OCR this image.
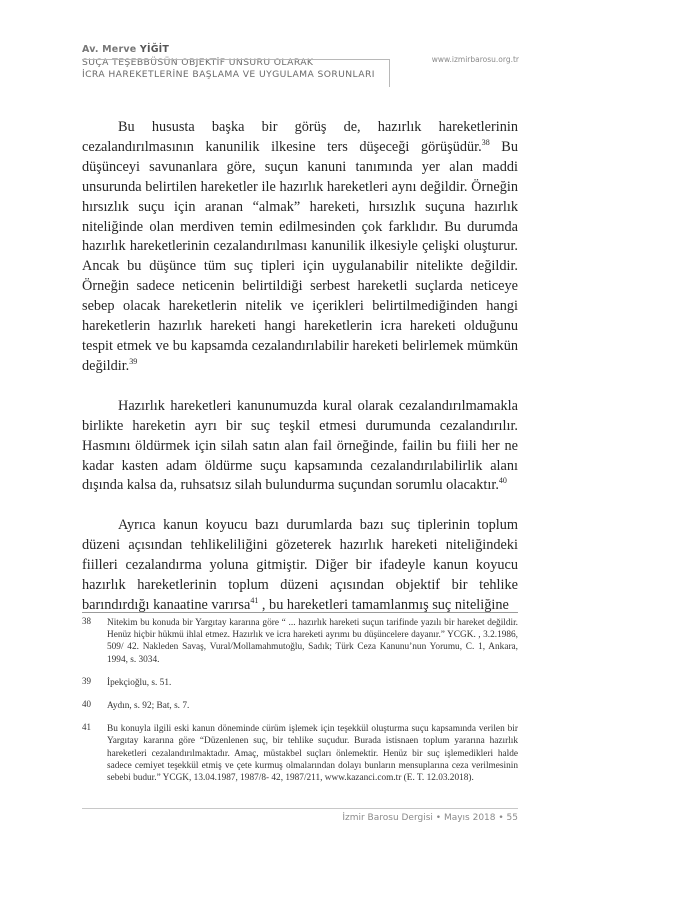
Av. Merve YİĞİT
SUÇA TEŞEBBÜSÜN OBJEKTİF UNSURU OLARAK
İCRA HAREKETLERİNE BAŞLAMA VE UYGULAMA SORUNLARI
www.izmirbarosu.org.tr

Bu hususta başka bir görüş de, hazırlık hareketlerinin cezalandırılmasının kanunilik ilkesine ters düşeceği görüşüdür.$^{38}$ Bu düşünceyi savunanlara göre, suçun kanuni tanımında yer alan maddi unsurunda belirtilen hareketler ile hazırlık hareketleri aynı değildir. Örneğin hırsızlık suçu için aranan “almak” hareketi, hırsızlık suçuna hazırlık niteliğinde olan merdiven temin edilmesinden çok farklıdır. Bu durumda hazırlık hareketlerinin cezalandırılması kanunilik ilkesiyle çelişki oluşturur. Ancak bu düşünce tüm suç tipleri için uygulanabilir nitelikte değildir. Örneğin sadece neticenin belirtildiği serbest hareketli suçlarda neticeye sebep olacak hareketlerin nitelik ve içerikleri belirtilmediğinden hangi hareketlerin hazırlık hareketi hangi hareketlerin icra hareketi olduğunu tespit etmek ve bu kapsamda cezalandırılabilir hareketi belirlemek mümkün değildir.$^{39}$

Hazırlık hareketleri kanunumuzda kural olarak cezalandırılmamakla birlikte hareketin ayrı bir suç teşkil etmesi durumunda cezalandırılır. Hasmını öldürmek için silah satın alan fail örneğinde, failin bu fiili her ne kadar kasten adam öldürme suçu kapsamında cezalandırılabilirlik alanı dışında kalsa da, ruhsatsız silah bulundurma suçundan sorumlu olacaktır.$^{40}$

Ayrıca kanun koyucu bazı durumlarda bazı suç tiplerinin toplum düzeni açısından tehlikeliliğini gözeterek hazırlık hareketi niteliğindeki fiilleri cezalandırma yoluna gitmiştir. Diğer bir ifadeyle kanun koyucu hazırlık hareketlerinin toplum düzeni açısından objektif bir tehlike barındırdığı kanaatine varırsa$^{41}$ , bu hareketleri tamamlanmış suç niteliğine

38 Nitekim bu konuda bir Yargıtay kararına göre “ ... hazırlık hareketi suçun tarifinde yazılı bir hareket değildir. Henüz hiçbir hükmü ihlal etmez. Hazırlık ve icra hareketi ayrımı bu düşüncelere dayanır.” YCGK. , 3.2.1986, 509/ 42. Nakleden Savaş, Vural/Mollamahmutoğlu, Sadık; Türk Ceza Kanunu’nun Yorumu, C. 1, Ankara, 1994, s. 3034.
39 İpekçioğlu, s. 51.
40 Aydın, s. 92; Bat, s. 7.
41 Bu konuyla ilgili eski kanun döneminde cürüm işlemek için teşekkül oluşturma suçu kapsamında verilen bir Yargıtay kararına göre “Düzenlenen suç, bir tehlike suçudur. Burada istisnaen toplum yararına hazırlık hareketleri cezalandırılmaktadır. Amaç, müstakbel suçları önlemektir. Henüz bir suç işlemedikleri halde sadece cemiyet teşekkül etmiş ve çete kurmuş olmalarından dolayı bunların mensuplarına ceza verilmesinin sebebi budur.” YCGK, 13.04.1987, 1987/8- 42, 1987/211, www.kazanci.com.tr (E. T. 12.03.2018).
İzmir Barosu Dergisi • Mayıs 2018 • 55
